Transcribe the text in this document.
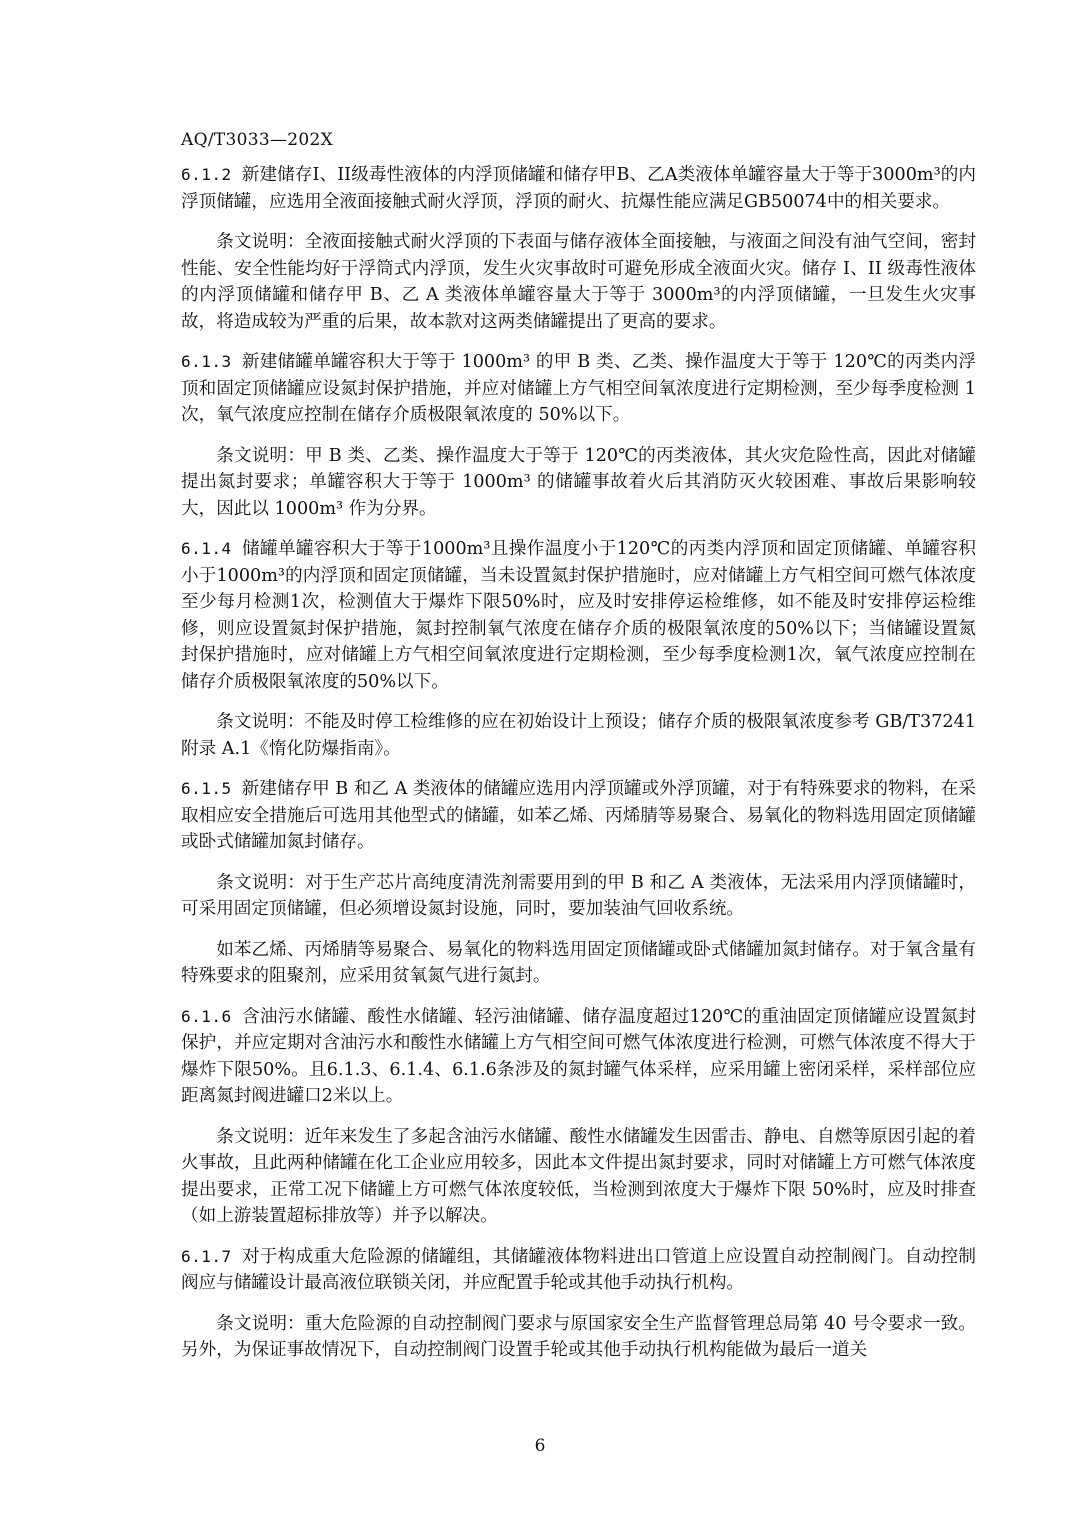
AQ/T3033—202X

6.1.2 新建储存I、II级毒性液体的内浮顶储罐和储存甲B、乙A类液体单罐容量大于等于3000m³的内浮顶储罐，应选用全液面接触式耐火浮顶，浮顶的耐火、抗爆性能应满足GB50074中的相关要求。

条文说明：全液面接触式耐火浮顶的下表面与储存液体全面接触，与液面之间没有油气空间，密封性能、安全性能均好于浮筒式内浮顶，发生火灾事故时可避免形成全液面火灾。储存 I、II 级毒性液体的内浮顶储罐和储存甲 B、乙 A 类液体单罐容量大于等于 3000m³的内浮顶储罐，一旦发生火灾事故，将造成较为严重的后果，故本款对这两类储罐提出了更高的要求。

6.1.3 新建储罐单罐容积大于等于 1000m³ 的甲 B 类、乙类、操作温度大于等于 120℃的丙类内浮顶和固定顶储罐应设氮封保护措施，并应对储罐上方气相空间氧浓度进行定期检测，至少每季度检测 1 次，氧气浓度应控制在储存介质极限氧浓度的 50%以下。

条文说明：甲 B 类、乙类、操作温度大于等于 120℃的丙类液体，其火灾危险性高，因此对储罐提出氮封要求；单罐容积大于等于 1000m³ 的储罐事故着火后其消防灭火较困难、事故后果影响较大，因此以 1000m³ 作为分界。

6.1.4 储罐单罐容积大于等于1000m³且操作温度小于120℃的丙类内浮顶和固定顶储罐、单罐容积小于1000m³的内浮顶和固定顶储罐，当未设置氮封保护措施时，应对储罐上方气相空间可燃气体浓度至少每月检测1次，检测值大于爆炸下限50%时，应及时安排停运检维修，如不能及时安排停运检维修，则应设置氮封保护措施，氮封控制氧气浓度在储存介质的极限氧浓度的50%以下；当储罐设置氮封保护措施时，应对储罐上方气相空间氧浓度进行定期检测，至少每季度检测1次，氧气浓度应控制在储存介质极限氧浓度的50%以下。

条文说明：不能及时停工检维修的应在初始设计上预设；储存介质的极限氧浓度参考 GB/T37241 附录 A.1《惰化防爆指南》。

6.1.5 新建储存甲 B 和乙 A 类液体的储罐应选用内浮顶罐或外浮顶罐，对于有特殊要求的物料，在采取相应安全措施后可选用其他型式的储罐，如苯乙烯、丙烯腈等易聚合、易氧化的物料选用固定顶储罐或卧式储罐加氮封储存。

条文说明：对于生产芯片高纯度清洗剂需要用到的甲 B 和乙 A 类液体，无法采用内浮顶储罐时，可采用固定顶储罐，但必须增设氮封设施，同时，要加装油气回收系统。

如苯乙烯、丙烯腈等易聚合、易氧化的物料选用固定顶储罐或卧式储罐加氮封储存。对于氧含量有特殊要求的阻聚剂，应采用贫氧氮气进行氮封。

6.1.6 含油污水储罐、酸性水储罐、轻污油储罐、储存温度超过120℃的重油固定顶储罐应设置氮封保护，并应定期对含油污水和酸性水储罐上方气相空间可燃气体浓度进行检测，可燃气体浓度不得大于爆炸下限50%。且6.1.3、6.1.4、6.1.6条涉及的氮封罐气体采样，应采用罐上密闭采样，采样部位应距离氮封阀进罐口2米以上。

条文说明：近年来发生了多起含油污水储罐、酸性水储罐发生因雷击、静电、自燃等原因引起的着火事故，且此两种储罐在化工企业应用较多，因此本文件提出氮封要求，同时对储罐上方可燃气体浓度提出要求，正常工况下储罐上方可燃气体浓度较低，当检测到浓度大于爆炸下限 50%时，应及时排查（如上游装置超标排放等）并予以解决。

6.1.7 对于构成重大危险源的储罐组，其储罐液体物料进出口管道上应设置自动控制阀门。自动控制阀应与储罐设计最高液位联锁关闭，并应配置手轮或其他手动执行机构。

条文说明：重大危险源的自动控制阀门要求与原国家安全生产监督管理总局第 40 号令要求一致。另外，为保证事故情况下，自动控制阀门设置手轮或其他手动执行机构能做为最后一道关

6
